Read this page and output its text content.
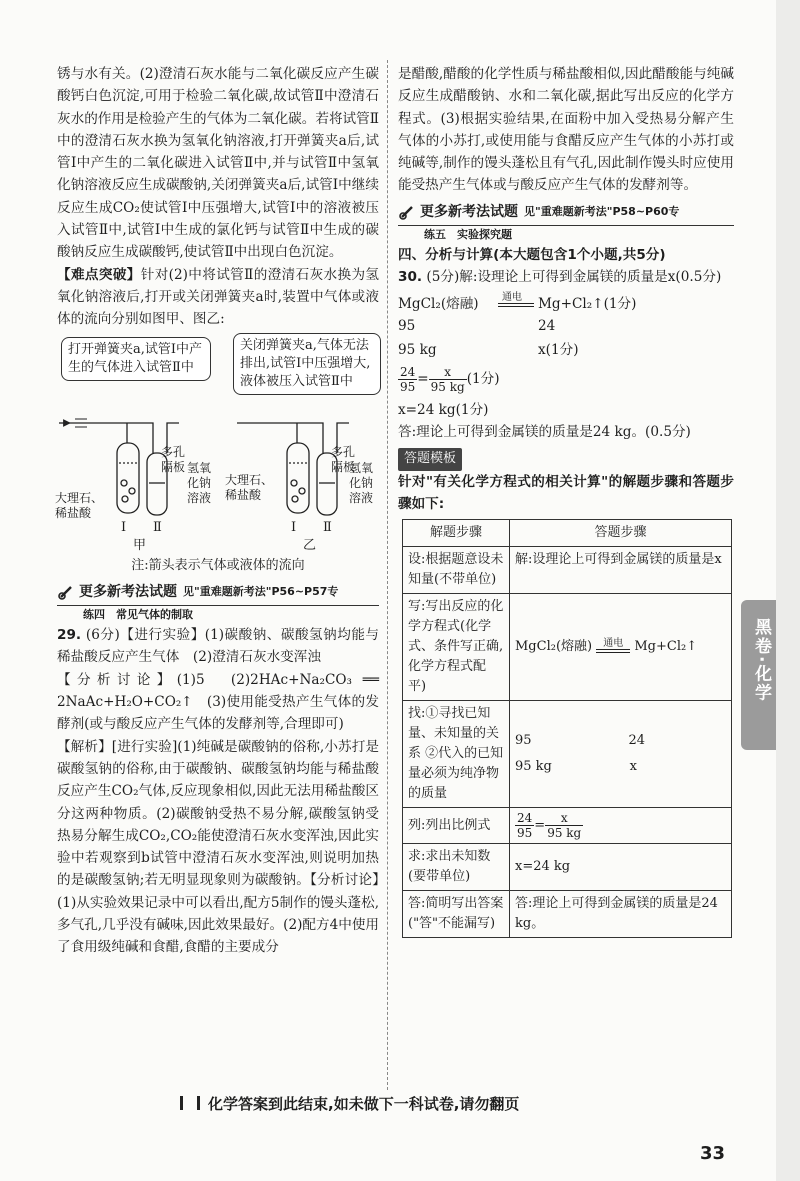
锈与水有关。(2)澄清石灰水能与二氧化碳反应产生碳酸钙白色沉淀,可用于检验二氧化碳,故试管Ⅱ中澄清石灰水的作用是检验产生的气体为二氧化碳。若将试管Ⅱ中的澄清石灰水换为氢氧化钠溶液,打开弹簧夹a后,试管Ⅰ中产生的二氧化碳进入试管Ⅱ中,并与试管Ⅱ中氢氧化钠溶液反应生成碳酸钠,关闭弹簧夹a后,试管Ⅰ中继续反应生成CO₂使试管Ⅰ中压强增大,试管Ⅰ中的溶液被压入试管Ⅱ中,试管Ⅰ中生成的氯化钙与试管Ⅱ中生成的碳酸钠反应生成碳酸钙,使试管Ⅱ中出现白色沉淀。

【难点突破】针对(2)中将试管Ⅱ的澄清石灰水换为氢氧化钠溶液后,打开或关闭弹簧夹a时,装置中气体或液体的流向分别如图甲、图乙:

打开弹簧夹a,试管Ⅰ中产生的气体进入试管Ⅱ中
关闭弹簧夹a,气体无法排出,试管Ⅰ中压强增大,液体被压入试管Ⅱ中
多孔隔板
大理石、稀盐酸
氢氧化钠溶液
Ⅰ Ⅱ
甲
多孔隔板
大理石、稀盐酸
氢氧化钠溶液
Ⅰ Ⅱ
乙
注:箭头表示气体或液体的流向
更多新考法试题 见"重难题新考法"P56~P57专
练四　常见气体的制取

29. (6分)【进行实验】(1)碳酸钠、碳酸氢钠均能与稀盐酸反应产生气体　(2)澄清石灰水变浑浊

【分析讨论】(1)5　(2)2HAc+Na₂CO₃ ══ 2NaAc+H₂O+CO₂↑　(3)使用能受热产生气体的发酵剂(或与酸反应产生气体的发酵剂等,合理即可)

【解析】[进行实验](1)纯碱是碳酸钠的俗称,小苏打是碳酸氢钠的俗称,由于碳酸钠、碳酸氢钠均能与稀盐酸反应产生CO₂气体,反应现象相似,因此无法用稀盐酸区分这两种物质。(2)碳酸钠受热不易分解,碳酸氢钠受热易分解生成CO₂,CO₂能使澄清石灰水变浑浊,因此实验中若观察到b试管中澄清石灰水变浑浊,则说明加热的是碳酸氢钠;若无明显现象则为碳酸钠。【分析讨论】(1)从实验效果记录中可以看出,配方5制作的馒头蓬松,多气孔,几乎没有碱味,因此效果最好。(2)配方4中使用了食用级纯碱和食醋,食醋的主要成分

是醋酸,醋酸的化学性质与稀盐酸相似,因此醋酸能与纯碱反应生成醋酸钠、水和二氧化碳,据此写出反应的化学方程式。(3)根据实验结果,在面粉中加入受热易分解产生气体的小苏打,或使用能与食醋反应产生气体的小苏打或纯碱等,制作的馒头蓬松且有气孔,因此制作馒头时应使用能受热产生气体或与酸反应产生气体的发酵剂等。

更多新考法试题 见"重难题新考法"P58~P60专
练五　实验探究题

四、分析与计算(本大题包含1个小题,共5分)

30. (5分)解:设理论上可得到金属镁的质量是x(0.5分)

MgCl₂(熔融) 通电 Mg+Cl₂↑(1分)
95	24
95 kg	x(1分)
$\frac{24}{95} = \frac{x}{95 kg} (1$分)

x=24 kg(1分)

答:理论上可得到金属镁的质量是24 kg。(0.5分)

答题模板

针对"有关化学方程式的相关计算"的解题步骤和答题步骤如下:

解题步骤	答题步骤
设:根据题意设未知量(不带单位)	解:设理论上可得到金属镁的质量是x
写:写出反应的化学方程式(化学式、条件写正确,化学方程式配平)	MgCl₂(熔融) 通电 Mg+Cl₂↑
找:①寻找已知量、未知量的关系 ②代入的已知量必须为纯净物的质量	95 24
95 kg x

列:列出比例式	$\frac{24}{95} = \frac{x}{95 kg}$

求:求出未知数(要带单位)	x=24 kg
答:简明写出答案("答"不能漏写)	答:理论上可得到金属镁的质量是24 kg。
黑卷·化学
化学答案到此结束,如未做下一科试卷,请勿翻页
33
